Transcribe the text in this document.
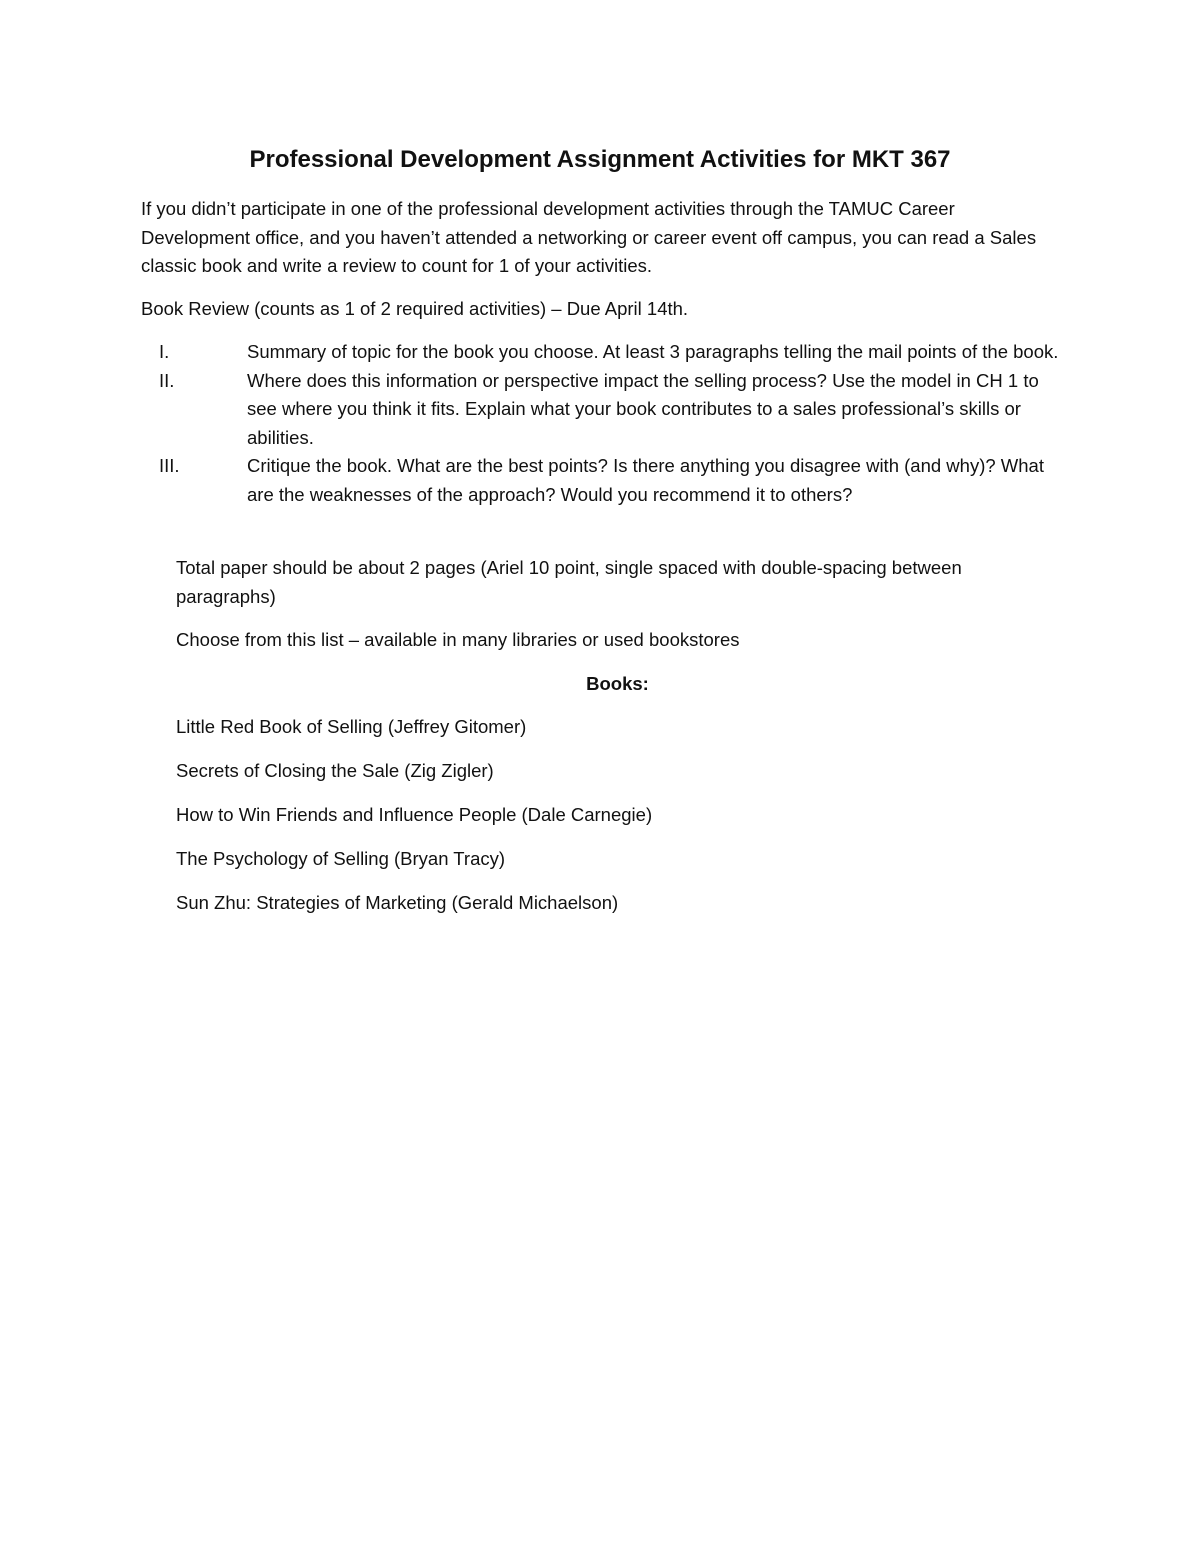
Professional Development Assignment Activities for MKT 367

If you didn’t participate in one of the professional development activities through the TAMUC Career Development office, and you haven’t attended a networking or career event off campus, you can read a Sales classic book and write a review to count for 1 of your activities.

Book Review (counts as 1 of 2 required activities) – Due April 14th.

I.	Summary of topic for the book you choose. At least 3 paragraphs telling the mail points of the book.
II.	Where does this information or perspective impact the selling process? Use the model in CH 1 to see where you think it fits. Explain what your book contributes to a sales professional’s skills or abilities.
III.	Critique the book. What are the best points? Is there anything you disagree with (and why)? What are the weaknesses of the approach? Would you recommend it to others?

Total paper should be about 2 pages (Ariel 10 point, single spaced with double-spacing between paragraphs)

Choose from this list – available in many libraries or used bookstores

Books:

Little Red Book of Selling (Jeffrey Gitomer)

Secrets of Closing the Sale (Zig Zigler)

How to Win Friends and Influence People (Dale Carnegie)

The Psychology of Selling (Bryan Tracy)

Sun Zhu: Strategies of Marketing (Gerald Michaelson)
